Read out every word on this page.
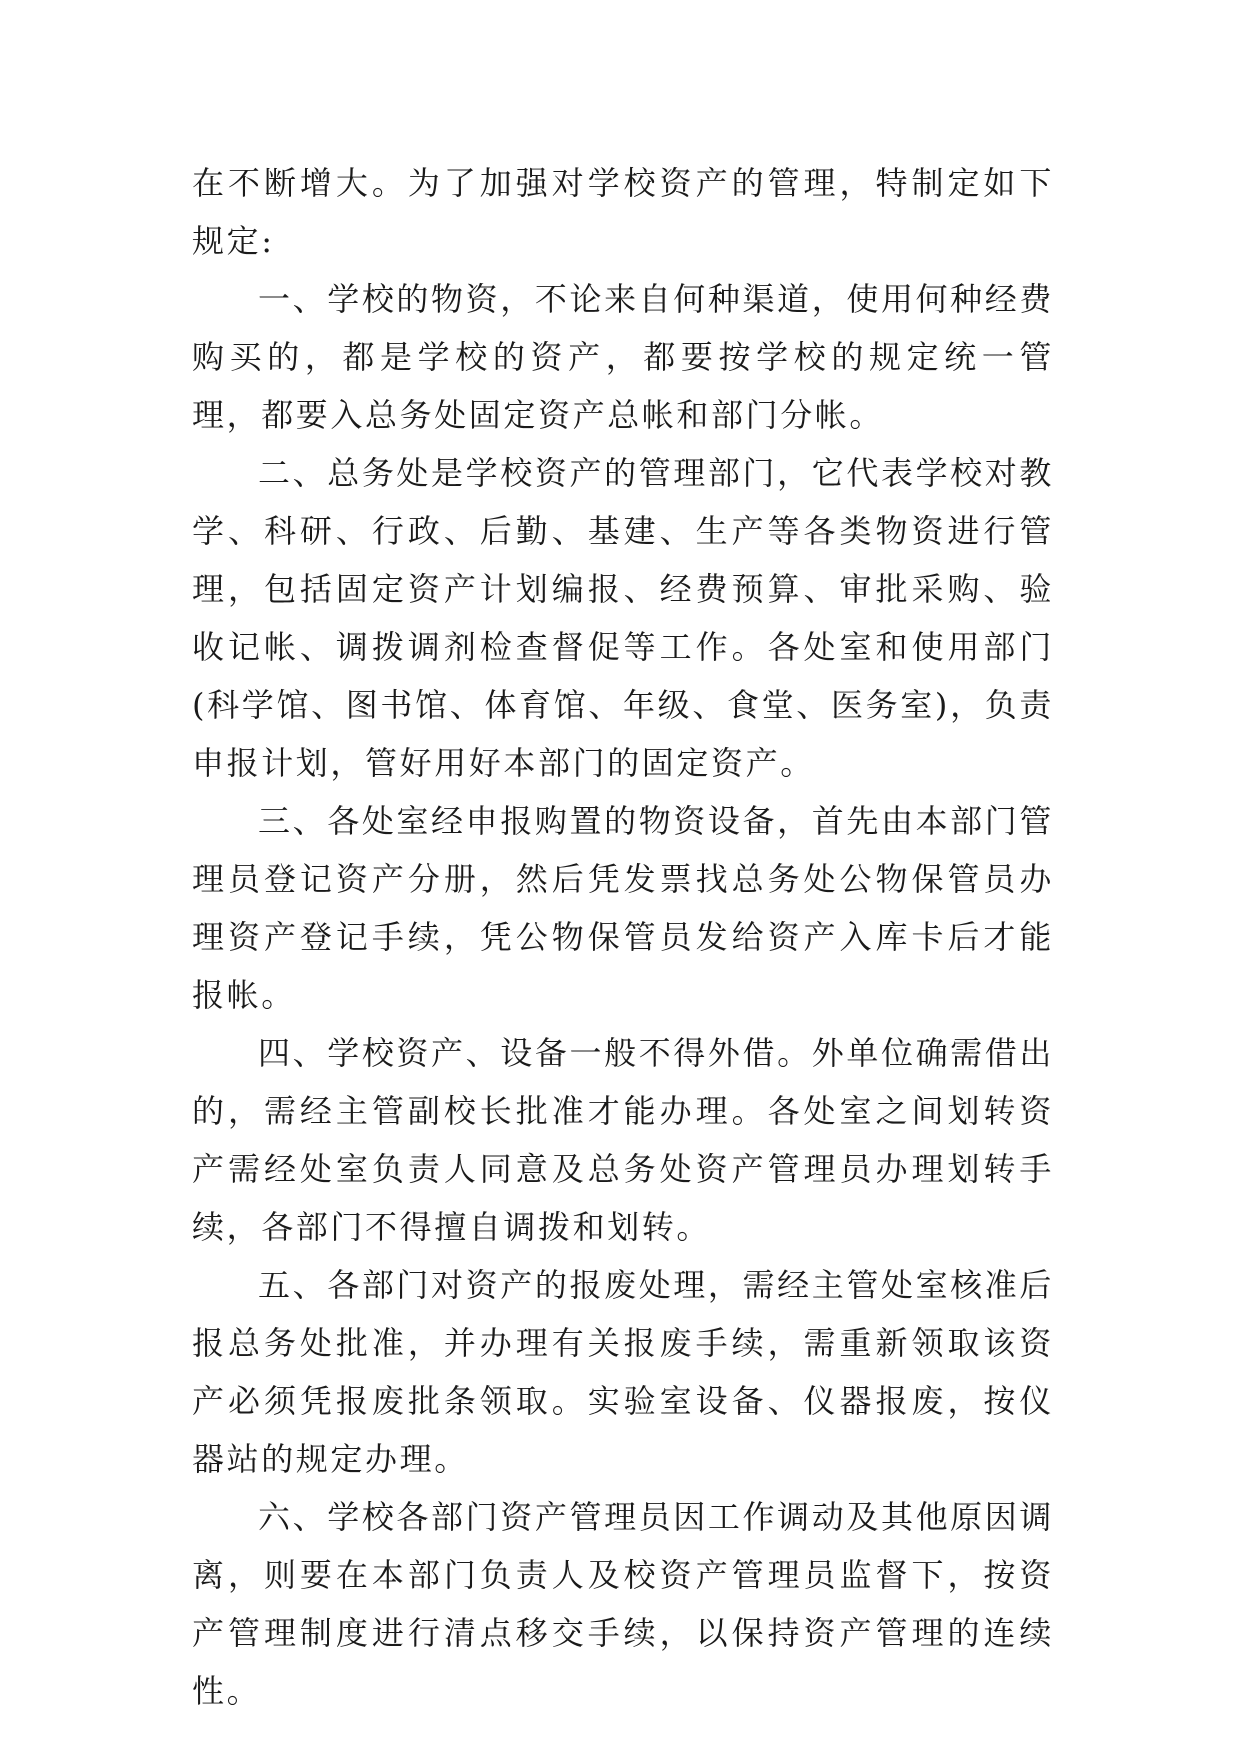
在不断增大。为了加强对学校资产的管理，特制定如下规定:

一、学校的物资，不论来自何种渠道，使用何种经费购买的，都是学校的资产，都要按学校的规定统一管理，都要入总务处固定资产总帐和部门分帐。

二、总务处是学校资产的管理部门，它代表学校对教学、科研、行政、后勤、基建、生产等各类物资进行管理，包括固定资产计划编报、经费预算、审批采购、验收记帐、调拨调剂检查督促等工作。各处室和使用部门(科学馆、图书馆、体育馆、年级、食堂、医务室)，负责申报计划，管好用好本部门的固定资产。

三、各处室经申报购置的物资设备，首先由本部门管理员登记资产分册，然后凭发票找总务处公物保管员办理资产登记手续，凭公物保管员发给资产入库卡后才能报帐。

四、学校资产、设备一般不得外借。外单位确需借出的，需经主管副校长批准才能办理。各处室之间划转资产需经处室负责人同意及总务处资产管理员办理划转手续，各部门不得擅自调拨和划转。

五、各部门对资产的报废处理，需经主管处室核准后报总务处批准，并办理有关报废手续，需重新领取该资产必须凭报废批条领取。实验室设备、仪器报废，按仪器站的规定办理。

六、学校各部门资产管理员因工作调动及其他原因调离，则要在本部门负责人及校资产管理员监督下，按资产管理制度进行清点移交手续，以保持资产管理的连续性。
